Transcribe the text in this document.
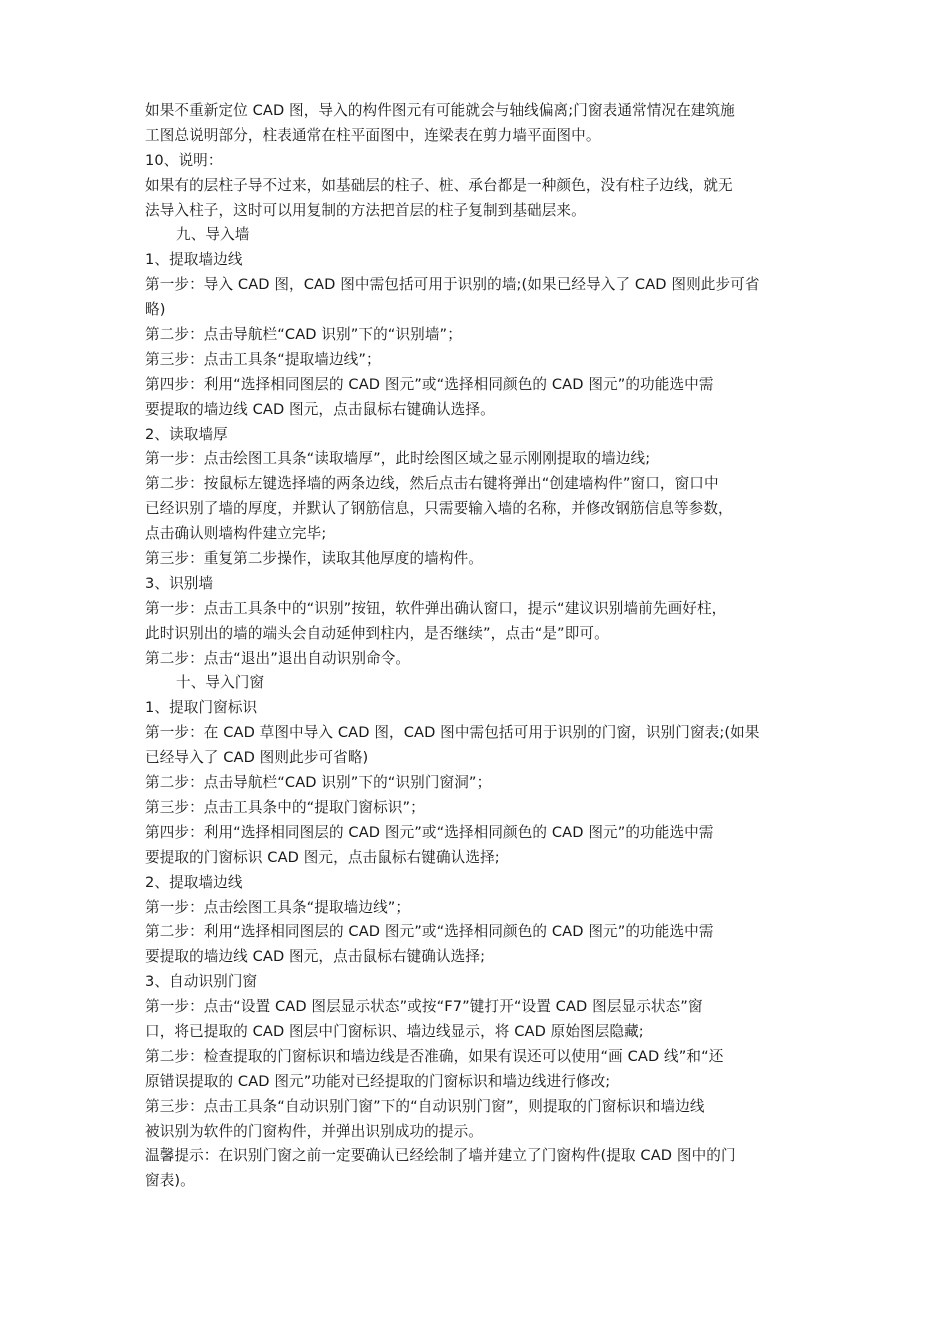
如果不重新定位 CAD 图，导入的构件图元有可能就会与轴线偏离;门窗表通常情况在建筑施
工图总说明部分，柱表通常在柱平面图中，连梁表在剪力墙平面图中。
10、说明：
如果有的层柱子导不过来，如基础层的柱子、桩、承台都是一种颜色，没有柱子边线，就无
法导入柱子，这时可以用复制的方法把首层的柱子复制到基础层来。
九、导入墙
1、提取墙边线
第一步：导入 CAD 图，CAD 图中需包括可用于识别的墙;(如果已经导入了 CAD 图则此步可省
略)
第二步：点击导航栏“CAD 识别”下的“识别墙”；
第三步：点击工具条“提取墙边线”；
第四步：利用“选择相同图层的 CAD 图元”或“选择相同颜色的 CAD 图元”的功能选中需
要提取的墙边线 CAD 图元，点击鼠标右键确认选择。
2、读取墙厚
第一步：点击绘图工具条“读取墙厚”，此时绘图区域之显示刚刚提取的墙边线;
第二步：按鼠标左键选择墙的两条边线，然后点击右键将弹出“创建墙构件”窗口，窗口中
已经识别了墙的厚度，并默认了钢筋信息，只需要输入墙的名称，并修改钢筋信息等参数，
点击确认则墙构件建立完毕;
第三步：重复第二步操作，读取其他厚度的墙构件。
3、识别墙
第一步：点击工具条中的“识别”按钮，软件弹出确认窗口，提示“建议识别墙前先画好柱，
此时识别出的墙的端头会自动延伸到柱内，是否继续”，点击“是”即可。
第二步：点击“退出”退出自动识别命令。
十、导入门窗
1、提取门窗标识
第一步：在 CAD 草图中导入 CAD 图，CAD 图中需包括可用于识别的门窗，识别门窗表;(如果
已经导入了 CAD 图则此步可省略)
第二步：点击导航栏“CAD 识别”下的“识别门窗洞”；
第三步：点击工具条中的“提取门窗标识”；
第四步：利用“选择相同图层的 CAD 图元”或“选择相同颜色的 CAD 图元”的功能选中需
要提取的门窗标识 CAD 图元，点击鼠标右键确认选择;
2、提取墙边线
第一步：点击绘图工具条“提取墙边线”；
第二步：利用“选择相同图层的 CAD 图元”或“选择相同颜色的 CAD 图元”的功能选中需
要提取的墙边线 CAD 图元，点击鼠标右键确认选择;
3、自动识别门窗
第一步：点击“设置 CAD 图层显示状态”或按“F7”键打开“设置 CAD 图层显示状态”窗
口，将已提取的 CAD 图层中门窗标识、墙边线显示，将 CAD 原始图层隐藏;
第二步：检查提取的门窗标识和墙边线是否准确，如果有误还可以使用“画 CAD 线”和“还
原错误提取的 CAD 图元”功能对已经提取的门窗标识和墙边线进行修改;
第三步：点击工具条“自动识别门窗”下的“自动识别门窗”，则提取的门窗标识和墙边线
被识别为软件的门窗构件，并弹出识别成功的提示。
温馨提示：在识别门窗之前一定要确认已经绘制了墙并建立了门窗构件(提取 CAD 图中的门
窗表)。
